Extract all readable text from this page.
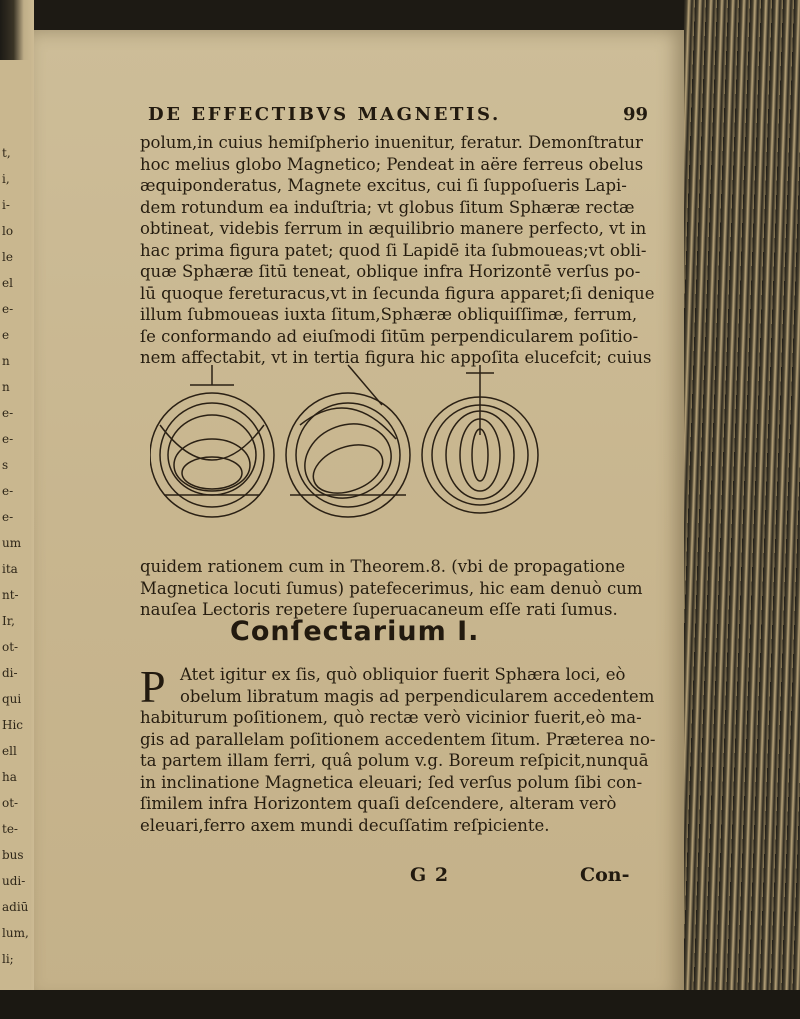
t,
i,
i-
lo
le
el
e-
e
n
n
e-
e-
s
e-
e-
um
ita
nt-
Ir,
ot-
di-
qui
Hic
ell
ha
ot-
te-
bus
udi-
adiū
lum,
li;
DE EFFECTIBVS MAGNETIS.	99
polum,in cuius hemiſpherio inuenitur, feratur. Demonſtratur
hoc melius globo Magnetico; Pendeat in aëre ferreus obelus
æquiponderatus, Magnete excitus, cui ſi ſuppoſueris Lapi-
dem rotundum ea induſtria; vt globus ſitum Sphæræ rectæ
obtineat, videbis ferrum in æquilibrio manere perfecto, vt in
hac prima figura patet; quod ſi Lapidē ita ſubmoueas;vt obli-
quæ Sphæræ ſitū teneat, oblique infra Horizontē verſus po-
lū quoque fereturacus,vt in ſecunda figura apparet;ſi denique
illum ſubmoueas iuxta ſitum,Sphæræ obliquiſſimæ, ferrum,
ſe conformando ad eiuſmodi ſitūm perpendicularem poſitio-
nem affectabit, vt in tertia figura hic appoſita elucefcit; cuius
quidem rationem cum in Theorem.8. (vbi de propagatione
Magnetica locuti ſumus) patefecerimus, hic eam denuò cum
nauſea Lectoris repetere ſuperuacaneum eſſe rati ſumus.
Conſectarium I.
P Atet igitur ex ſis, quò obliquior fuerit Sphæra loci, eò
obelum libratum magis ad perpendicularem accedentem
habiturum poſitionem, quò rectæ verò vicinior fuerit,eò ma-
gis ad parallelam poſitionem accedentem ſitum. Præterea no-
ta partem illam ferri, quâ polum v.g. Boreum reſpicit,nunquā
in inclinatione Magnetica eleuari; ſed verſus polum ſibi con-
ſimilem infra Horizontem quaſi deſcendere, alteram verò
eleuari,ferro axem mundi decuſſatim reſpiciente.
G 2	Con-
